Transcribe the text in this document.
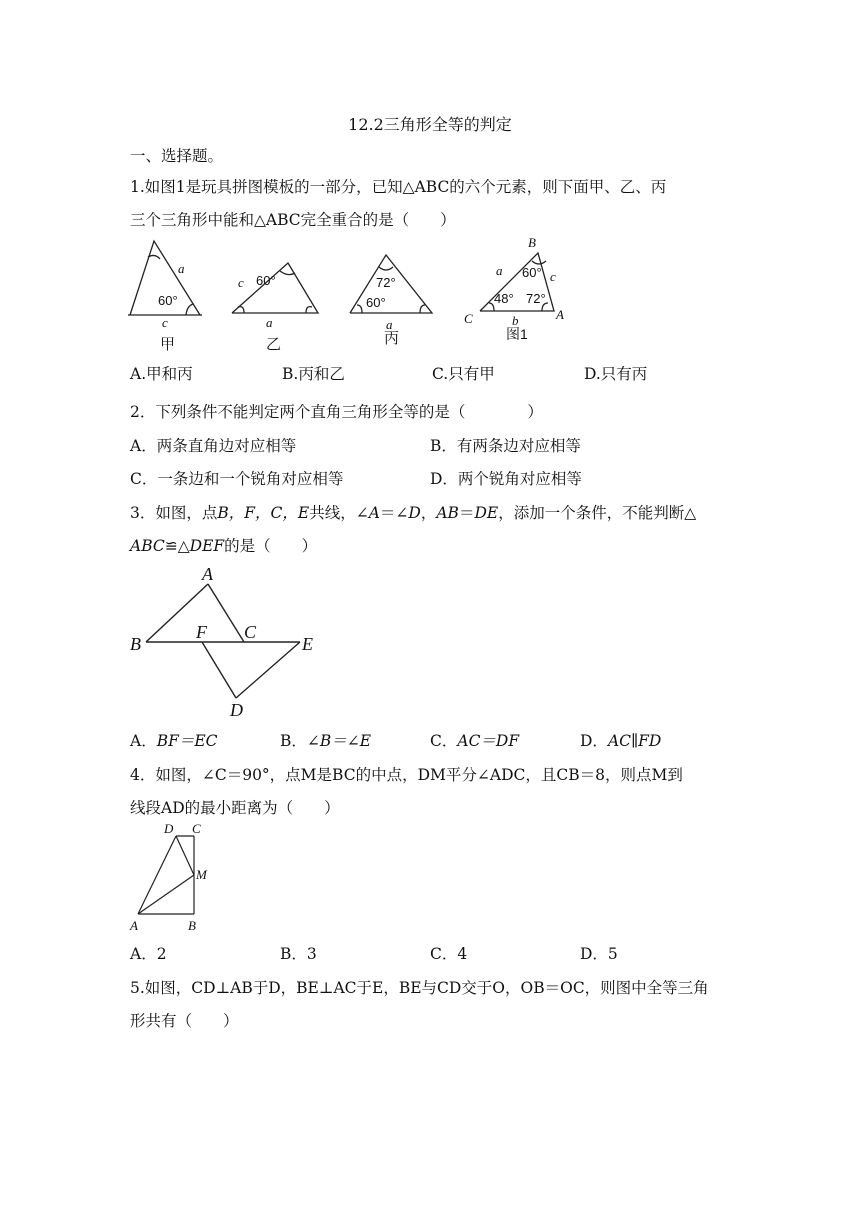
12.2三角形全等的判定
一、选择题。
1.如图1是玩具拼图模板的一部分，已知△ABC的六个元素，则下面甲、乙、丙
三个三角形中能和△ABC完全重合的是（　　）
a
60°
c
甲
c 60°
a
乙
72°
60°
a
丙
B
a	c
60°
48° 72°
C	b	A
图1
A.甲和丙	B.丙和乙	C.只有甲	D.只有丙
2．下列条件不能判定两个直角三角形全等的是（　　　　）
A．两条直角边对应相等	B．有两条边对应相等
C．一条边和一个锐角对应相等	D．两个锐角对应相等
3．如图，点B，F，C，E共线，∠A＝∠D，AB＝DE，添加一个条件，不能判断△
ABC≌△DEF的是（　　）
A
B
F C
E
D
A．BF＝EC	B．∠B＝∠E	C．AC＝DF	D．AC∥FD
4．如图，∠C＝90°，点M是BC的中点，DM平分∠ADC，且CB＝8，则点M到
线段AD的最小距离为（　　）
D C
M
A	B
A．2	B．3	C．4	D．5
5.如图，CD⊥AB于D，BE⊥AC于E，BE与CD交于O，OB＝OC，则图中全等三角
形共有（　　）
